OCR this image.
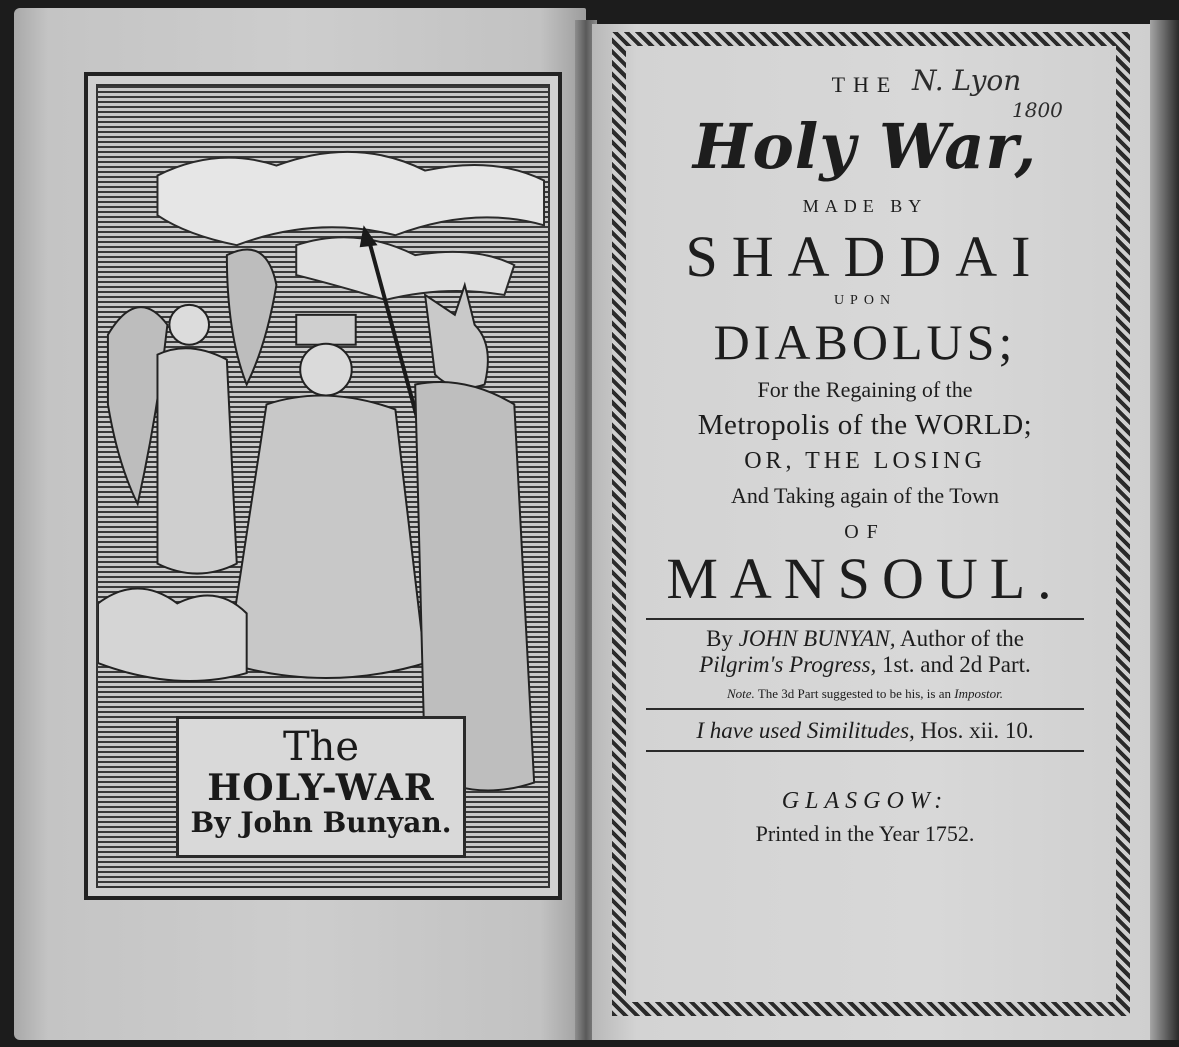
The
HOLY-WAR
By John Bunyan.
N. Lyon
1800
THE
Holy War,
MADE BY
SHADDAI
UPON
DIABOLUS;
For the Regaining of the
Metropolis of the WORLD;
OR, THE LOSING
And Taking again of the Town
OF
MANSOUL.
By JOHN BUNYAN, Author of the
Pilgrim's Progress, 1st. and 2d Part.
Note. The 3d Part suggested to be his, is an Impostor.
I have used Similitudes, Hos. xii. 10.
GLASGOW:
Printed in the Year 1752.
